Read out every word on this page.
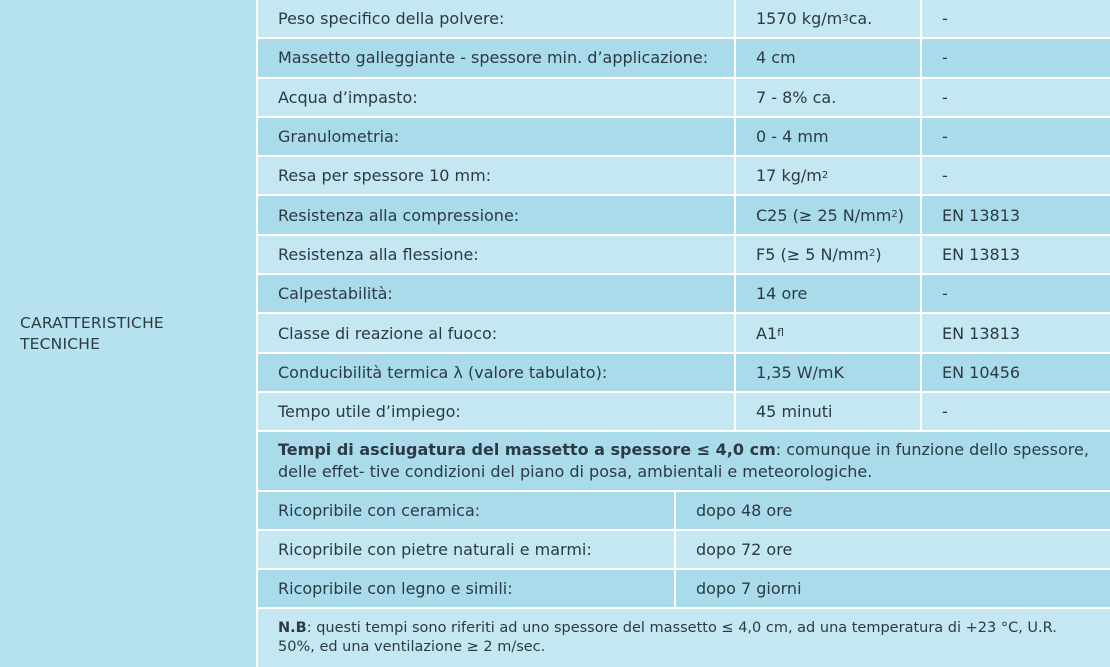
CARATTERISTICHE
TECNICHE
Peso specifico della polvere:	1570 kg/m 3 ca.	-
Massetto galleggiante - spessore min. d’applicazione:	4 cm	-
Acqua d’impasto:	7 - 8% ca.	-
Granulometria:	0 - 4 mm	-
Resa per spessore 10 mm:	17 kg/m 2	-
Resistenza alla compressione:	C25 (≥ 25 N/mm 2 )	EN 13813
Resistenza alla flessione:	F5 (≥ 5 N/mm 2 )	EN 13813
Calpestabilità:	14 ore	-
Classe di reazione al fuoco:	A1 fl	EN 13813
Conducibilità termica λ (valore tabulato):	1,35 W/mK	EN 10456
Tempo utile d’impiego:	45 minuti	-

Tempi di asciugatura del massetto a spessore ≤ 4,0 cm: comunque in funzione dello spessore, delle effet- tive condizioni del piano di posa, ambientali e meteorologiche.

Ricopribile con ceramica:	dopo 48 ore
Ricopribile con pietre naturali e marmi:	dopo 72 ore
Ricopribile con legno e simili:	dopo 7 giorni

N.B: questi tempi sono riferiti ad uno spessore del massetto ≤ 4,0 cm, ad una temperatura di +23 °C, U.R. 50%, ed una ventilazione ≥ 2 m/sec.
